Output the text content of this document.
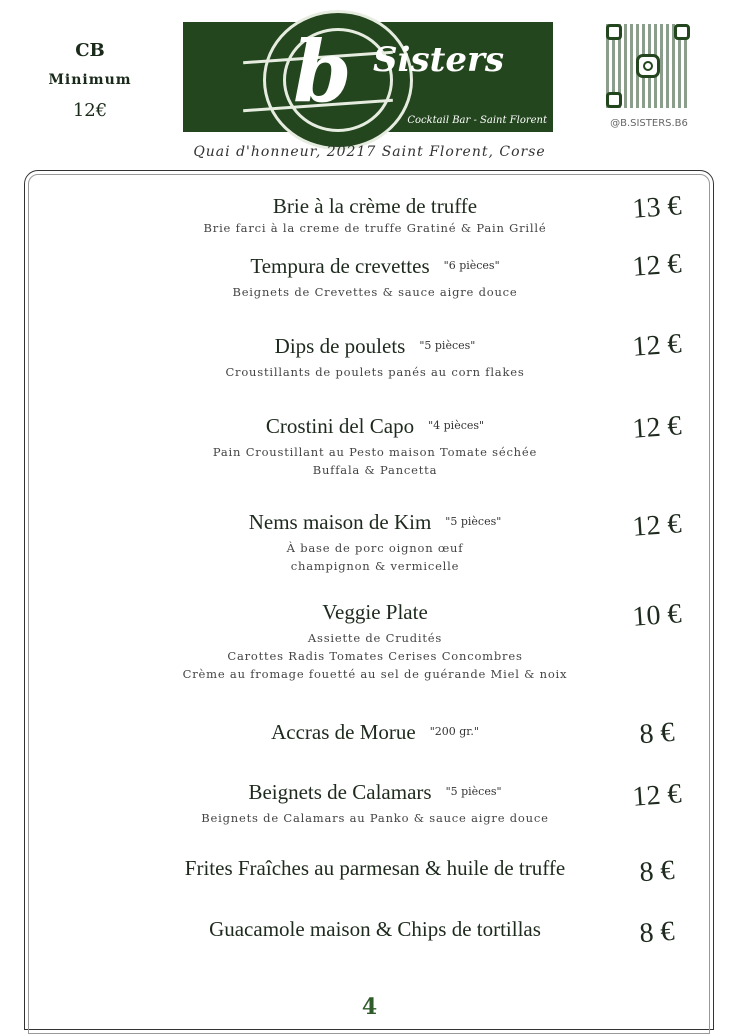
CB
Minimum
12€	b Sisters
Cocktail Bar - Saint Florent	@B.SISTERS.B6
Quai d'honneur, 20217 Saint Florent, Corse
Brie à la crème de truffe
Brie farci à la creme de truffe Gratiné & Pain Grillé
13 €
Tempura de crevettes $^{"6 pièces"}$
Beignets de Crevettes & sauce aigre douce
12 €
Dips de poulets $^{"5 pièces"}$
Croustillants de poulets panés au corn flakes
12 €
Crostini del Capo $^{"4 pièces"}$
Pain Croustillant au Pesto maison Tomate séchée
Buffala & Pancetta
12 €
Nems maison de Kim $^{"5 pièces"}$
À base de porc oignon œuf
champignon & vermicelle
12 €
Veggie Plate
Assiette de Crudités
Carottes Radis Tomates Cerises Concombres
Crème au fromage fouetté au sel de guérande Miel & noix
10 €
Accras de Morue $^{"200 gr."}$	8 €
Beignets de Calamars $^{"5 pièces"}$
Beignets de Calamars au Panko & sauce aigre douce
12 €
Frites Fraîches au parmesan & huile de truffe	8 €
Guacamole maison & Chips de tortillas	8 €
4
